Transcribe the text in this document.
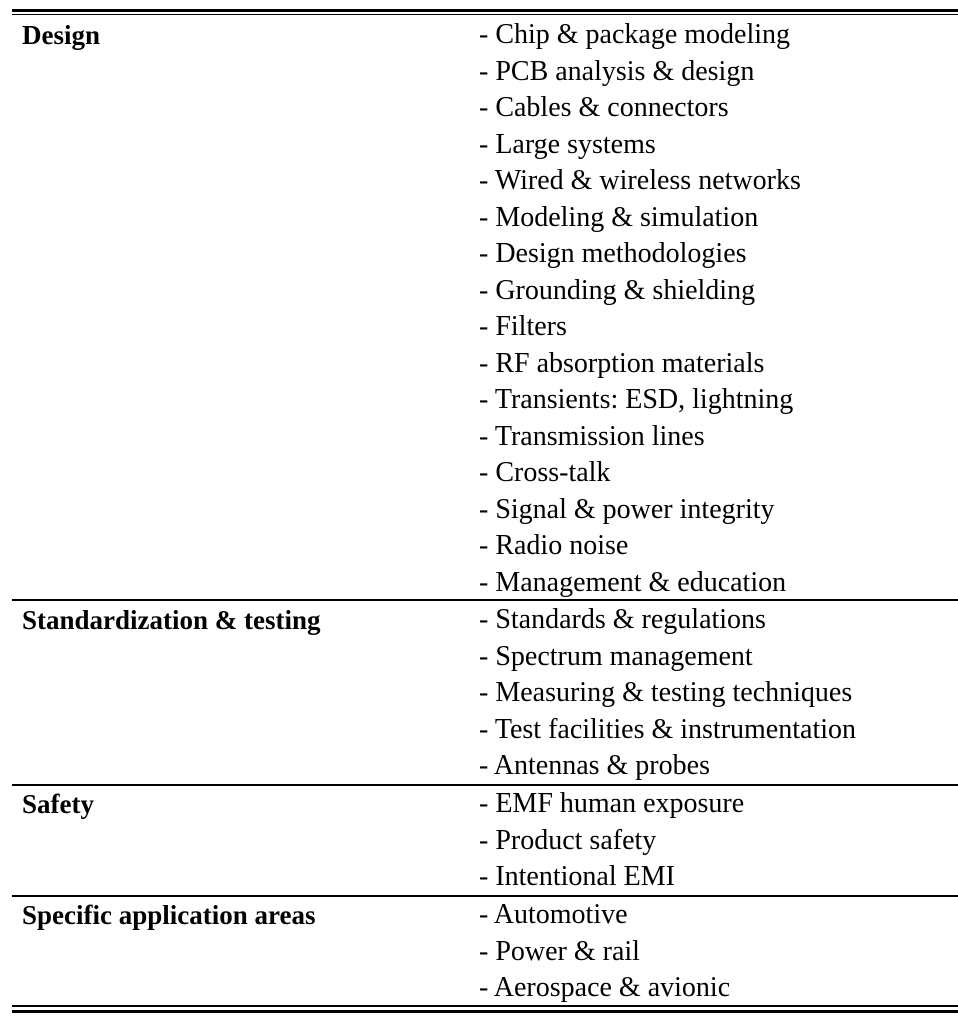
Design	- Chip & package modeling
- PCB analysis & design
- Cables & connectors
- Large systems
- Wired & wireless networks
- Modeling & simulation
- Design methodologies
- Grounding & shielding
- Filters
- RF absorption materials
- Transients: ESD, lightning
- Transmission lines
- Cross-talk
- Signal & power integrity
- Radio noise
- Management & education
Standardization & testing	- Standards & regulations
- Spectrum management
- Measuring & testing techniques
- Test facilities & instrumentation
- Antennas & probes
Safety	- EMF human exposure
- Product safety
- Intentional EMI
Specific application areas	- Automotive
- Power & rail
- Aerospace & avionic
